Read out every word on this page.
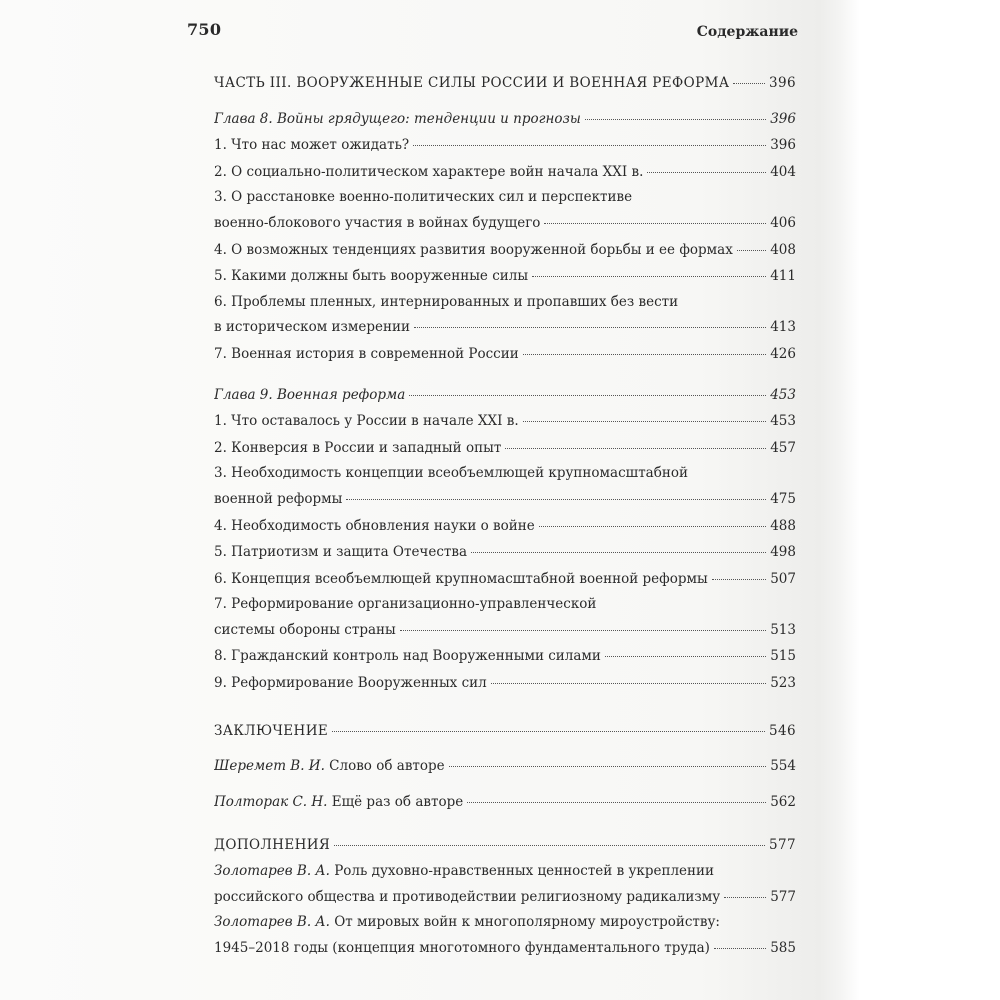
750	Содержание
ЧАСТЬ III. ВООРУЖЕННЫЕ СИЛЫ РОССИИ И ВОЕННАЯ РЕФОРМА	396
Глава 8. Войны грядущего: тенденции и прогнозы	396
1. Что нас может ожидать?	396
2. О социально-политическом характере войн начала XXI в.	404
3. О расстановке военно-политических сил и перспективе
военно-блокового участия в войнах будущего	406
4. О возможных тенденциях развития вооруженной борьбы и ее формах	408
5. Какими должны быть вооруженные силы	411
6. Проблемы пленных, интернированных и пропавших без вести
в историческом измерении	413
7. Военная история в современной России	426
Глава 9. Военная реформа	453
1. Что оставалось у России в начале XXI в.	453
2. Конверсия в России и западный опыт	457
3. Необходимость концепции всеобъемлющей крупномасштабной
военной реформы	475
4. Необходимость обновления науки о войне	488
5. Патриотизм и защита Отечества	498
6. Концепция всеобъемлющей крупномасштабной военной реформы	507
7. Реформирование организационно-управленческой
системы обороны страны	513
8. Гражданский контроль над Вооруженными силами	515
9. Реформирование Вооруженных сил	523
ЗАКЛЮЧЕНИЕ	546
Шеремет В. И. Слово об авторе	554
Полторак С. Н. Ещё раз об авторе	562
ДОПОЛНЕНИЯ	577
Золотарев В. А. Роль духовно-нравственных ценностей в укреплении
российского общества и противодействии религиозному радикализму	577
Золотарев В. А. От мировых войн к многополярному мироустройству:
1945–2018 годы (концепция многотомного фундаментального труда)	585
